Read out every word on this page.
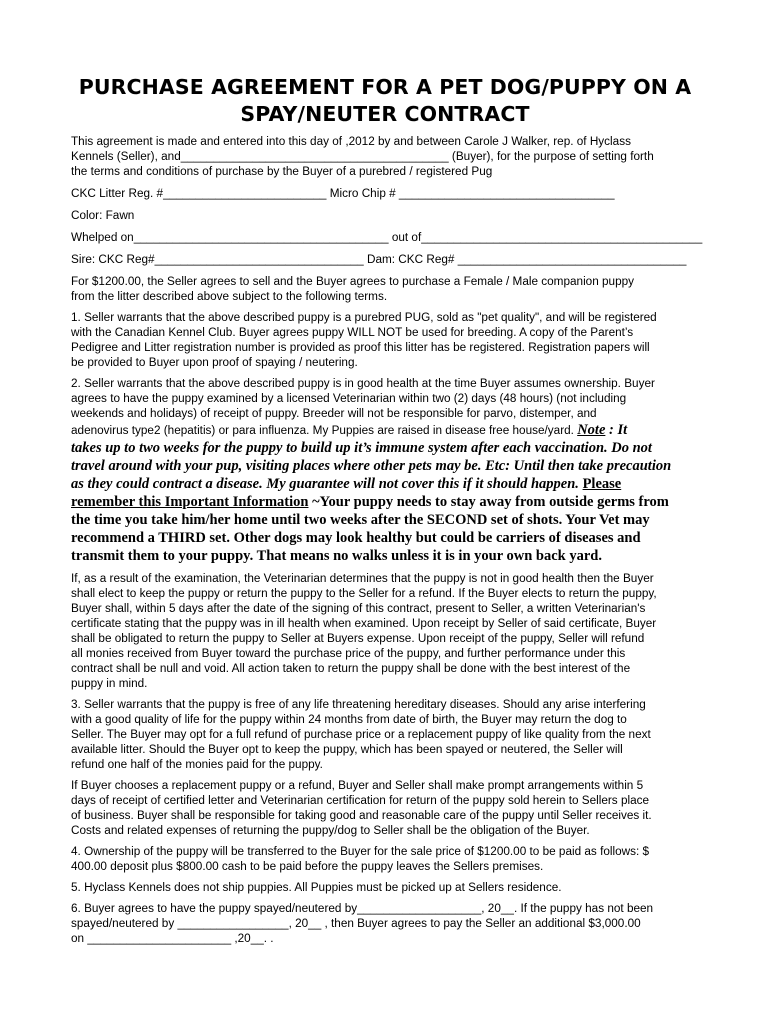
PURCHASE AGREEMENT FOR A PET DOG/PUPPY ON A
SPAY/NEUTER CONTRACT

This agreement is made and entered into this day of ,2012 by and between Carole J Walker, rep. of Hyclass
Kennels (Seller), and_________________________________________ (Buyer), for the purpose of setting forth
the terms and conditions of purchase by the Buyer of a purebred / registered Pug

CKC Litter Reg. #_________________________ Micro Chip # _________________________________

Color: Fawn

Whelped on_______________________________________ out of___________________________________________

Sire: CKC Reg#________________________________ Dam: CKC Reg# ___________________________________

For $1200.00, the Seller agrees to sell and the Buyer agrees to purchase a Female / Male companion puppy
from the litter described above subject to the following terms.

1. Seller warrants that the above described puppy is a purebred PUG, sold as "pet quality", and will be registered
with the Canadian Kennel Club. Buyer agrees puppy WILL NOT be used for breeding. A copy of the Parent’s
Pedigree and Litter registration number is provided as proof this litter has be registered. Registration papers will
be provided to Buyer upon proof of spaying / neutering.

2. Seller warrants that the above described puppy is in good health at the time Buyer assumes ownership. Buyer
agrees to have the puppy examined by a licensed Veterinarian within two (2) days (48 hours) (not including
weekends and holidays) of receipt of puppy. Breeder will not be responsible for parvo, distemper, and
adenovirus type2 (hepatitis) or para influenza. My Puppies are raised in disease free house/yard. Note : It

takes up to two weeks for the puppy to build up it’s immune system after each vaccination. Do not
travel around with your pup, visiting places where other pets may be. Etc: Until then take precaution
as they could contract a disease. My guarantee will not cover this if it should happen. Please

remember this Important Information ~Your puppy needs to stay away from outside germs from
the time you take him/her home until two weeks after the SECOND set of shots. Your Vet may
recommend a THIRD set. Other dogs may look healthy but could be carriers of diseases and
transmit them to your puppy. That means no walks unless it is in your own back yard.

If, as a result of the examination, the Veterinarian determines that the puppy is not in good health then the Buyer
shall elect to keep the puppy or return the puppy to the Seller for a refund. If the Buyer elects to return the puppy,
Buyer shall, within 5 days after the date of the signing of this contract, present to Seller, a written Veterinarian's
certificate stating that the puppy was in ill health when examined. Upon receipt by Seller of said certificate, Buyer
shall be obligated to return the puppy to Seller at Buyers expense. Upon receipt of the puppy, Seller will refund
all monies received from Buyer toward the purchase price of the puppy, and further performance under this
contract shall be null and void. All action taken to return the puppy shall be done with the best interest of the
puppy in mind.

3. Seller warrants that the puppy is free of any life threatening hereditary diseases. Should any arise interfering
with a good quality of life for the puppy within 24 months from date of birth, the Buyer may return the dog to
Seller. The Buyer may opt for a full refund of purchase price or a replacement puppy of like quality from the next
available litter. Should the Buyer opt to keep the puppy, which has been spayed or neutered, the Seller will
refund one half of the monies paid for the puppy.

If Buyer chooses a replacement puppy or a refund, Buyer and Seller shall make prompt arrangements within 5
days of receipt of certified letter and Veterinarian certification for return of the puppy sold herein to Sellers place
of business. Buyer shall be responsible for taking good and reasonable care of the puppy until Seller receives it.
Costs and related expenses of returning the puppy/dog to Seller shall be the obligation of the Buyer.

4. Ownership of the puppy will be transferred to the Buyer for the sale price of $1200.00 to be paid as follows: $
400.00 deposit plus $800.00 cash to be paid before the puppy leaves the Sellers premises.

5. Hyclass Kennels does not ship puppies. All Puppies must be picked up at Sellers residence.

6. Buyer agrees to have the puppy spayed/neutered by___________________, 20__. If the puppy has not been
spayed/neutered by _________________, 20__ , then Buyer agrees to pay the Seller an additional $3,000.00
on ______________________ ,20__. .
